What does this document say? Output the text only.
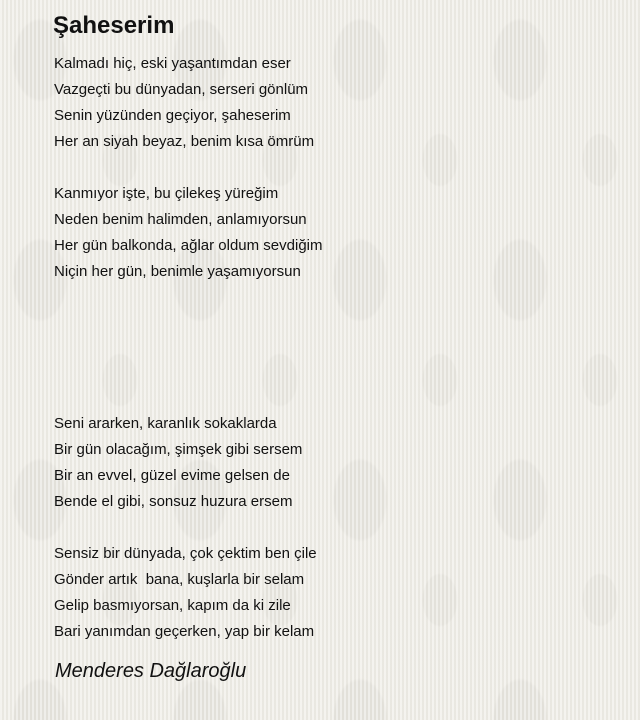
Şaheserim
Kalmadı hiç, eski yaşantımdan eser
Vazgeçti bu dünyadan, serseri gönlüm
Senin yüzünden geçiyor, şaheserim
Her an siyah beyaz, benim kısa ömrüm
Kanmıyor işte, bu çilekeş yüreğim
Neden benim halimden, anlamıyorsun
Her gün balkonda, ağlar oldum sevdiğim
Niçin her gün, benimle yaşamıyorsun
Seni ararken, karanlık sokaklarda
Bir gün olacağım, şimşek gibi sersem
Bir an evvel, güzel evime gelsen de
Bende el gibi, sonsuz huzura ersem
Sensiz bir dünyada, çok çektim ben çile
Gönder artık  bana, kuşlarla bir selam
Gelip basmıyorsan, kapım da ki zile
Bari yanımdan geçerken, yap bir kelam
Menderes Dağlaroğlu
